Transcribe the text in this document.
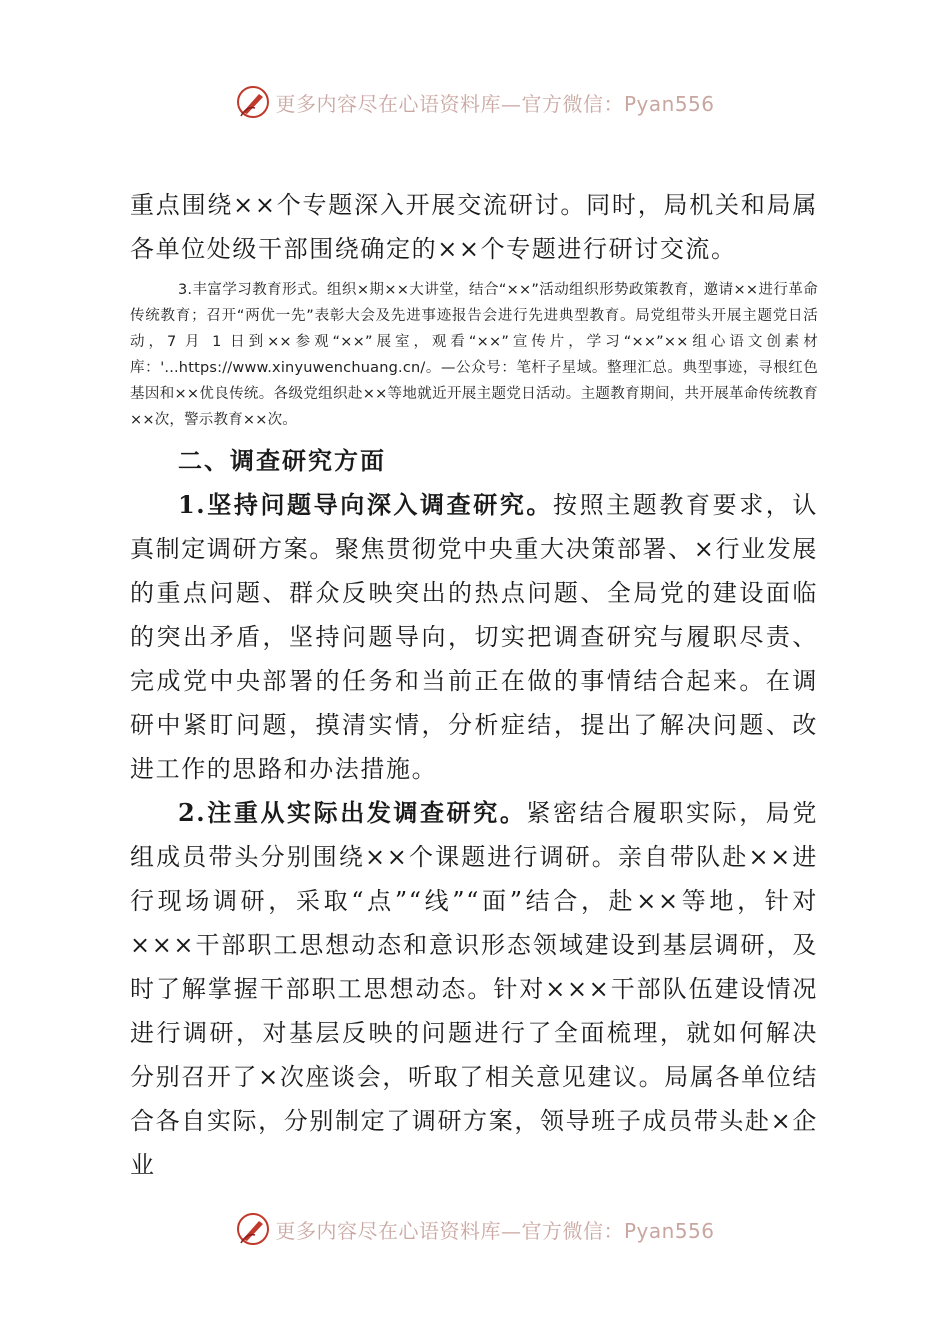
更多内容尽在心语资料库—官方微信：Pyan556

重点围绕××个专题深入开展交流研讨。同时，局机关和局属各单位处级干部围绕确定的××个专题进行研讨交流。

3.丰富学习教育形式。组织×期××大讲堂，结合“××”活动组织形势政策教育，邀请××进行革命传统教育；召开“两优一先”表彰大会及先进事迹报告会进行先进典型教育。局党组带头开展主题党日活动，7 月 1 日到××参观“××”展室，观看“××”宣传片，学习“××”××组心语文创素材库：'...https://www.xinyuwenchuang.cn/。—公众号：笔杆子星域。整理汇总。典型事迹，寻根红色基因和××优良传统。各级党组织赴××等地就近开展主题党日活动。主题教育期间，共开展革命传统教育××次，警示教育××次。

二、调查研究方面

1.坚持问题导向深入调查研究。按照主题教育要求，认真制定调研方案。聚焦贯彻党中央重大决策部署、×行业发展的重点问题、群众反映突出的热点问题、全局党的建设面临的突出矛盾，坚持问题导向，切实把调查研究与履职尽责、完成党中央部署的任务和当前正在做的事情结合起来。在调研中紧盯问题，摸清实情，分析症结，提出了解决问题、改进工作的思路和办法措施。

2.注重从实际出发调查研究。紧密结合履职实际，局党组成员带头分别围绕××个课题进行调研。亲自带队赴××进行现场调研，采取“点”“线”“面”结合，赴××等地，针对×××干部职工思想动态和意识形态领域建设到基层调研，及时了解掌握干部职工思想动态。针对×××干部队伍建设情况进行调研，对基层反映的问题进行了全面梳理，就如何解决分别召开了×次座谈会，听取了相关意见建议。局属各单位结合各自实际，分别制定了调研方案，领导班子成员带头赴×企业

更多内容尽在心语资料库—官方微信：Pyan556
